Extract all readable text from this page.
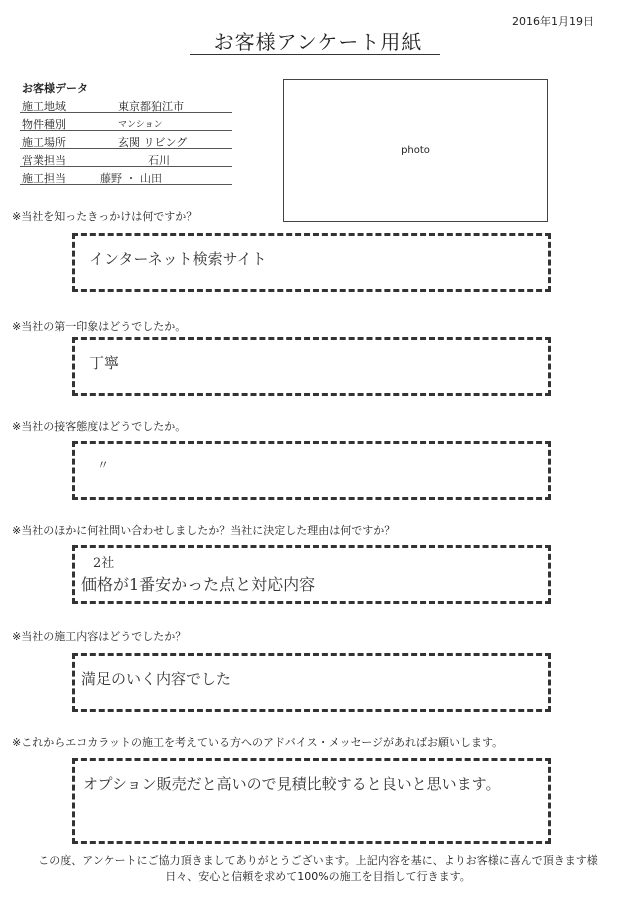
2016年1月19日
お客様アンケート用紙
お客様データ
施工地域	東京都狛江市
物件種別	マンション
施工場所	玄関 リビング
営業担当	石川
施工担当	藤野 ・ 山田
photo
※当社を知ったきっかけは何ですか？
インターネット検索サイト
※当社の第一印象はどうでしたか。
丁寧
※当社の接客態度はどうでしたか。
〃
※当社のほかに何社問い合わせしましたか？当社に決定した理由は何ですか？
2社
価格が1番安かった点と対応内容
※当社の施工内容はどうでしたか？
満足のいく内容でした
※これからエコカラットの施工を考えている方へのアドバイス・メッセージがあればお願いします。
オプション販売だと高いので見積比較すると良いと思います。
この度、アンケートにご協力頂きましてありがとうございます。上記内容を基に、よりお客様に喜んで頂きます様
日々、安心と信頼を求めて100%の施工を目指して行きます。
